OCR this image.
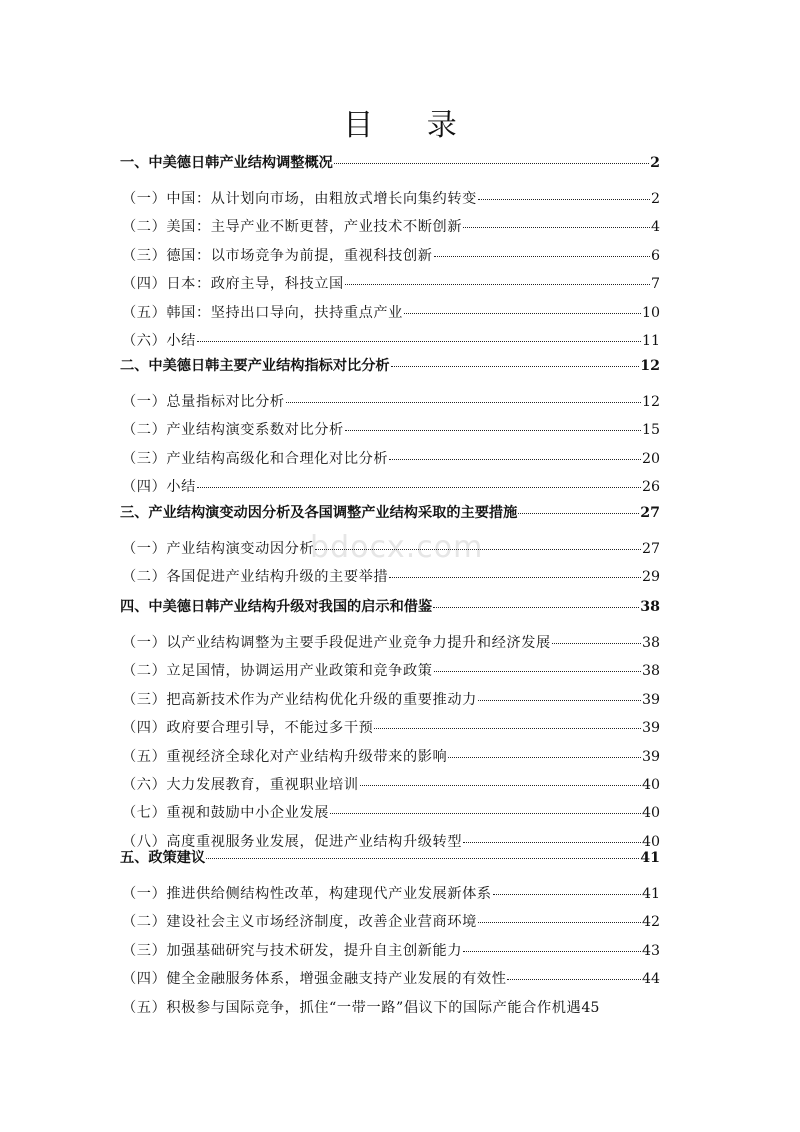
目 录
bdocx.com
一、中美德日韩产业结构调整概况	2
（一）中国：从计划向市场，由粗放式增长向集约转变	2
（二）美国：主导产业不断更替，产业技术不断创新	4
（三）德国：以市场竞争为前提，重视科技创新	6
（四）日本：政府主导，科技立国	7
（五）韩国：坚持出口导向，扶持重点产业	10
（六）小结	11
二、中美德日韩主要产业结构指标对比分析	12
（一）总量指标对比分析	12
（二）产业结构演变系数对比分析	15
（三）产业结构高级化和合理化对比分析	20
（四）小结	26
三、产业结构演变动因分析及各国调整产业结构采取的主要措施	27
（一）产业结构演变动因分析	27
（二）各国促进产业结构升级的主要举措	29
四、中美德日韩产业结构升级对我国的启示和借鉴	38
（一）以产业结构调整为主要手段促进产业竞争力提升和经济发展	38
（二）立足国情，协调运用产业政策和竞争政策	38
（三）把高新技术作为产业结构优化升级的重要推动力	39
（四）政府要合理引导，不能过多干预	39
（五）重视经济全球化对产业结构升级带来的影响	39
（六）大力发展教育，重视职业培训	40
（七）重视和鼓励中小企业发展	40
（八）高度重视服务业发展，促进产业结构升级转型	40
五、政策建议	41
（一）推进供给侧结构性改革，构建现代产业发展新体系	41
（二）建设社会主义市场经济制度，改善企业营商环境	42
（三）加强基础研究与技术研发，提升自主创新能力	43
（四）健全金融服务体系，增强金融支持产业发展的有效性	44
（五）积极参与国际竞争，抓住“一带一路”倡议下的国际产能合作机遇 45
